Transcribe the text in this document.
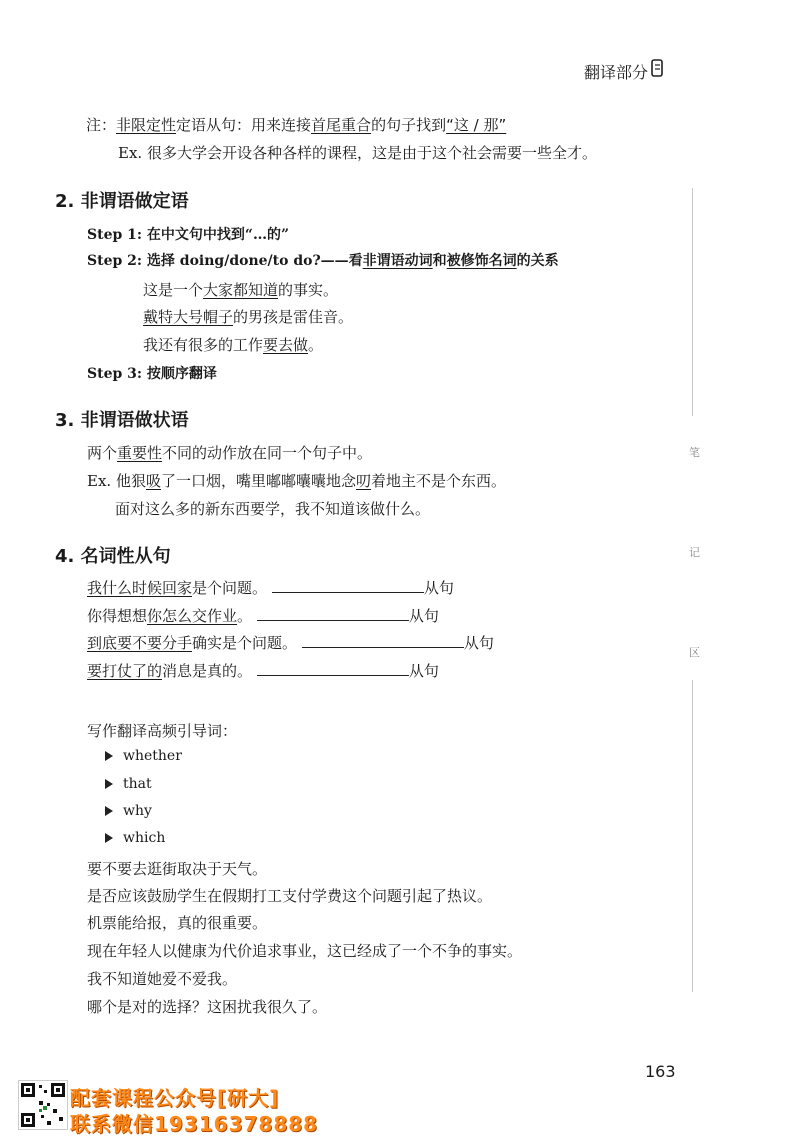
翻译部分
注：非限定性定语从句：用来连接首尾重合的句子找到“这 / 那”
Ex. 很多大学会开设各种各样的课程，这是由于这个社会需要一些全才。
2. 非谓语做定语
Step 1: 在中文句中找到“…的”
Step 2: 选择 doing/done/to do?——看非谓语动词和被修饰名词的关系
这是一个大家都知道的事实。
戴特大号帽子的男孩是雷佳音。
我还有很多的工作要去做。
Step 3: 按顺序翻译
3. 非谓语做状语
两个重要性不同的动作放在同一个句子中。
Ex. 他狠吸了一口烟，嘴里嘟嘟囔囔地念叨着地主不是个东西。
面对这么多的新东西要学，我不知道该做什么。
4. 名词性从句
我什么时候回家是个问题。	从句
你得想想你怎么交作业。	从句
到底要不要分手确实是个问题。	从句
要打仗了的消息是真的。	从句
写作翻译高频引导词：
whether
that
why
which
要不要去逛街取决于天气。
是否应该鼓励学生在假期打工支付学费这个问题引起了热议。
机票能给报，真的很重要。
现在年轻人以健康为代价追求事业，这已经成了一个不争的事实。
我不知道她爱不爱我。
哪个是对的选择？这困扰我很久了。
笔
记
区
163
配套课程公众号[研大]
联系微信19316378888
